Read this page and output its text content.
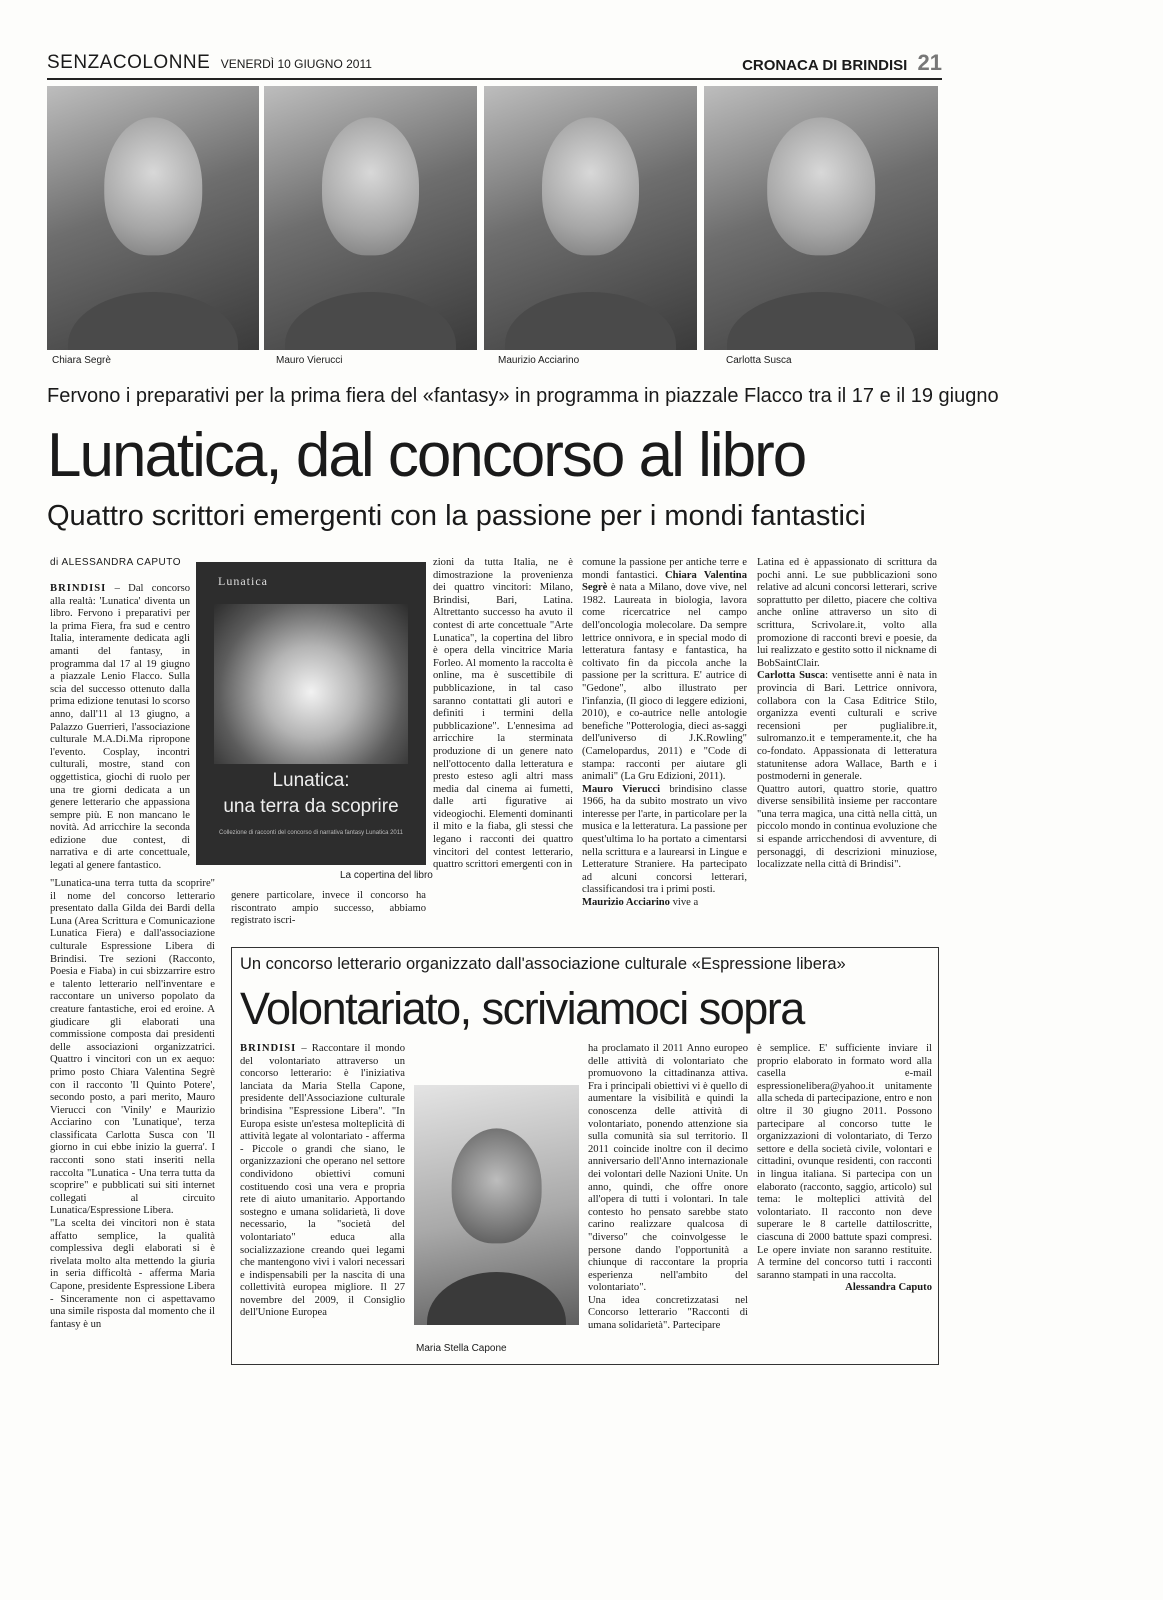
SENZACOLONNE VENERDÌ 10 GIUGNO 2011	CRONACA DI BRINDISI 21
Chiara Segrè	Mauro Vierucci	Maurizio Acciarino	Carlotta Susca
Fervono i preparativi per la prima fiera del «fantasy» in programma in piazzale Flacco tra il 17 e il 19 giugno
Lunatica, dal concorso al libro
Quattro scrittori emergenti con la passione per i mondi fantastici

di ALESSANDRA CAPUTO

BRINDISI – Dal concorso alla realtà: 'Lunatica' diventa un libro. Fervono i preparativi per la prima Fiera, fra sud e centro Italia, interamente dedicata agli amanti del fantasy, in programma dal 17 al 19 giugno a piazzale Lenio Flacco. Sulla scia del successo ottenuto dalla prima edizione tenutasi lo scorso anno, dall'11 al 13 giugno, a Palazzo Guerrieri, l'associazione culturale M.A.Di.Ma ripropone l'evento. Cosplay, incontri culturali, mostre, stand con oggettistica, giochi di ruolo per una tre giorni dedicata a un genere letterario che appassiona sempre più. E non mancano le novità. Ad arricchire la seconda edizione due contest, di narrativa e di arte concettuale, legati al genere fantastico.

"Lunatica-una terra tutta da scoprire" il nome del concorso letterario presentato dalla Gilda dei Bardi della Luna (Area Scrittura e Comunicazione Lunatica Fiera) e dall'associazione culturale Espressione Libera di Brindisi. Tre sezioni (Racconto, Poesia e Fiaba) in cui sbizzarrire estro e talento letterario nell'inventare e raccontare un universo popolato da creature fantastiche, eroi ed eroine. A giudicare gli elaborati una commissione composta dai presidenti delle associazioni organizzatrici. Quattro i vincitori con un ex aequo: primo posto Chiara Valentina Segrè con il racconto 'Il Quinto Potere', secondo posto, a pari merito, Mauro Vierucci con 'Vinily' e Maurizio Acciarino con 'Lunatique', terza classificata Carlotta Susca con 'Il giorno in cui ebbe inizio la guerra'. I racconti sono stati inseriti nella raccolta "Lunatica - Una terra tutta da scoprire" e pubblicati sui siti internet collegati al circuito Lunatica/Espressione Libera.

"La scelta dei vincitori non è stata affatto semplice, la qualità complessiva degli elaborati si è rivelata molto alta mettendo la giuria in seria difficoltà - afferma Maria Capone, presidente Espressione Libera - Sinceramente non ci aspettavamo una simile risposta dal momento che il fantasy è un

Lunatica
Lunatica:
una terra da scoprire
Collezione di racconti del concorso di narrativa fantasy Lunatica 2011
La copertina del libro

genere particolare, invece il concorso ha riscontrato ampio successo, abbiamo registrato iscri-

zioni da tutta Italia, ne è dimostrazione la provenienza dei quattro vincitori: Milano, Brindisi, Bari, Latina. Altrettanto successo ha avuto il contest di arte concettuale "Arte Lunatica", la copertina del libro è opera della vincitrice Maria Forleo. Al momento la raccolta è online, ma è suscettibile di pubblicazione, in tal caso saranno contattati gli autori e definiti i termini della pubblicazione". L'ennesima ad arricchire la sterminata produzione di un genere nato nell'ottocento dalla letteratura e presto esteso agli altri mass media dal cinema ai fumetti, dalle arti figurative ai videogiochi. Elementi dominanti il mito e la fiaba, gli stessi che legano i racconti dei quattro vincitori del contest letterario, quattro scrittori emergenti con in

comune la passione per antiche terre e mondi fantastici. Chiara Valentina Segrè è nata a Milano, dove vive, nel 1982. Laureata in biologia, lavora come ricercatrice nel campo dell'oncologia molecolare. Da sempre lettrice onnivora, e in special modo di letteratura fantasy e fantastica, ha coltivato fin da piccola anche la passione per la scrittura. E' autrice di "Gedone", albo illustrato per l'infanzia, (Il gioco di leggere edizioni, 2010), e co-autrice nelle antologie benefiche "Potterologia, dieci as-saggi dell'universo di J.K.Rowling" (Camelopardus, 2011) e "Code di stampa: racconti per aiutare gli animali" (La Gru Edizioni, 2011).

Mauro Vierucci brindisino classe 1966, ha da subito mostrato un vivo interesse per l'arte, in particolare per la musica e la letteratura. La passione per quest'ultima lo ha portato a cimentarsi nella scrittura e a laurearsi in Lingue e Letterature Straniere. Ha partecipato ad alcuni concorsi letterari, classificandosi tra i primi posti.

Maurizio Acciarino vive a

Latina ed è appassionato di scrittura da pochi anni. Le sue pubblicazioni sono relative ad alcuni concorsi letterari, scrive soprattutto per diletto, piacere che coltiva anche online attraverso un sito di scrittura, Scrivolare.it, volto alla promozione di racconti brevi e poesie, da lui realizzato e gestito sotto il nickname di BobSaintClair.

Carlotta Susca: ventisette anni è nata in provincia di Bari. Lettrice onnivora, collabora con la Casa Editrice Stilo, organizza eventi culturali e scrive recensioni per puglialibre.it, sulromanzo.it e temperamente.it, che ha co-fondato. Appassionata di letteratura statunitense adora Wallace, Barth e i postmoderni in generale.

Quattro autori, quattro storie, quattro diverse sensibilità insieme per raccontare "una terra magica, una città nella città, un piccolo mondo in continua evoluzione che si espande arricchendosi di avventure, di personaggi, di descrizioni minuziose, localizzate nella città di Brindisi".

Un concorso letterario organizzato dall'associazione culturale «Espressione libera»
Volontariato, scriviamoci sopra

BRINDISI – Raccontare il mondo del volontariato attraverso un concorso letterario: è l'iniziativa lanciata da Maria Stella Capone, presidente dell'Associazione culturale brindisina "Espressione Libera". "In Europa esiste un'estesa molteplicità di attività legate al volontariato - afferma - Piccole o grandi che siano, le organizzazioni che operano nel settore condividono obiettivi comuni costituendo così una vera e propria rete di aiuto umanitario. Apportando sostegno e umana solidarietà, lì dove necessario, la "società del volontariato" educa alla socializzazione creando quei legami che mantengono vivi i valori necessari e indispensabili per la nascita di una collettività europea migliore. Il 27 novembre del 2009, il Consiglio dell'Unione Europea

Maria Stella Capone

ha proclamato il 2011 Anno europeo delle attività di volontariato che promuovono la cittadinanza attiva. Fra i principali obiettivi vi è quello di aumentare la visibilità e quindi la conoscenza delle attività di volontariato, ponendo attenzione sia sulla comunità sia sul territorio. Il 2011 coincide inoltre con il decimo anniversario dell'Anno internazionale dei volontari delle Nazioni Unite. Un anno, quindi, che offre onore all'opera di tutti i volontari. In tale contesto ho pensato sarebbe stato carino realizzare qualcosa di "diverso" che coinvolgesse le persone dando l'opportunità a chiunque di raccontare la propria esperienza nell'ambito del volontariato".

Una idea concretizzatasi nel Concorso letterario "Racconti di umana solidarietà". Partecipare

è semplice. E' sufficiente inviare il proprio elaborato in formato word alla casella e-mail espressionelibera@yahoo.it unitamente alla scheda di partecipazione, entro e non oltre il 30 giugno 2011. Possono partecipare al concorso tutte le organizzazioni di volontariato, di Terzo settore e della società civile, volontari e cittadini, ovunque residenti, con racconti in lingua italiana. Si partecipa con un elaborato (racconto, saggio, articolo) sul tema: le molteplici attività del volontariato. Il racconto non deve superare le 8 cartelle dattiloscritte, ciascuna di 2000 battute spazi compresi. Le opere inviate non saranno restituite. A termine del concorso tutti i racconti saranno stampati in una raccolta.

Alessandra Caputo
